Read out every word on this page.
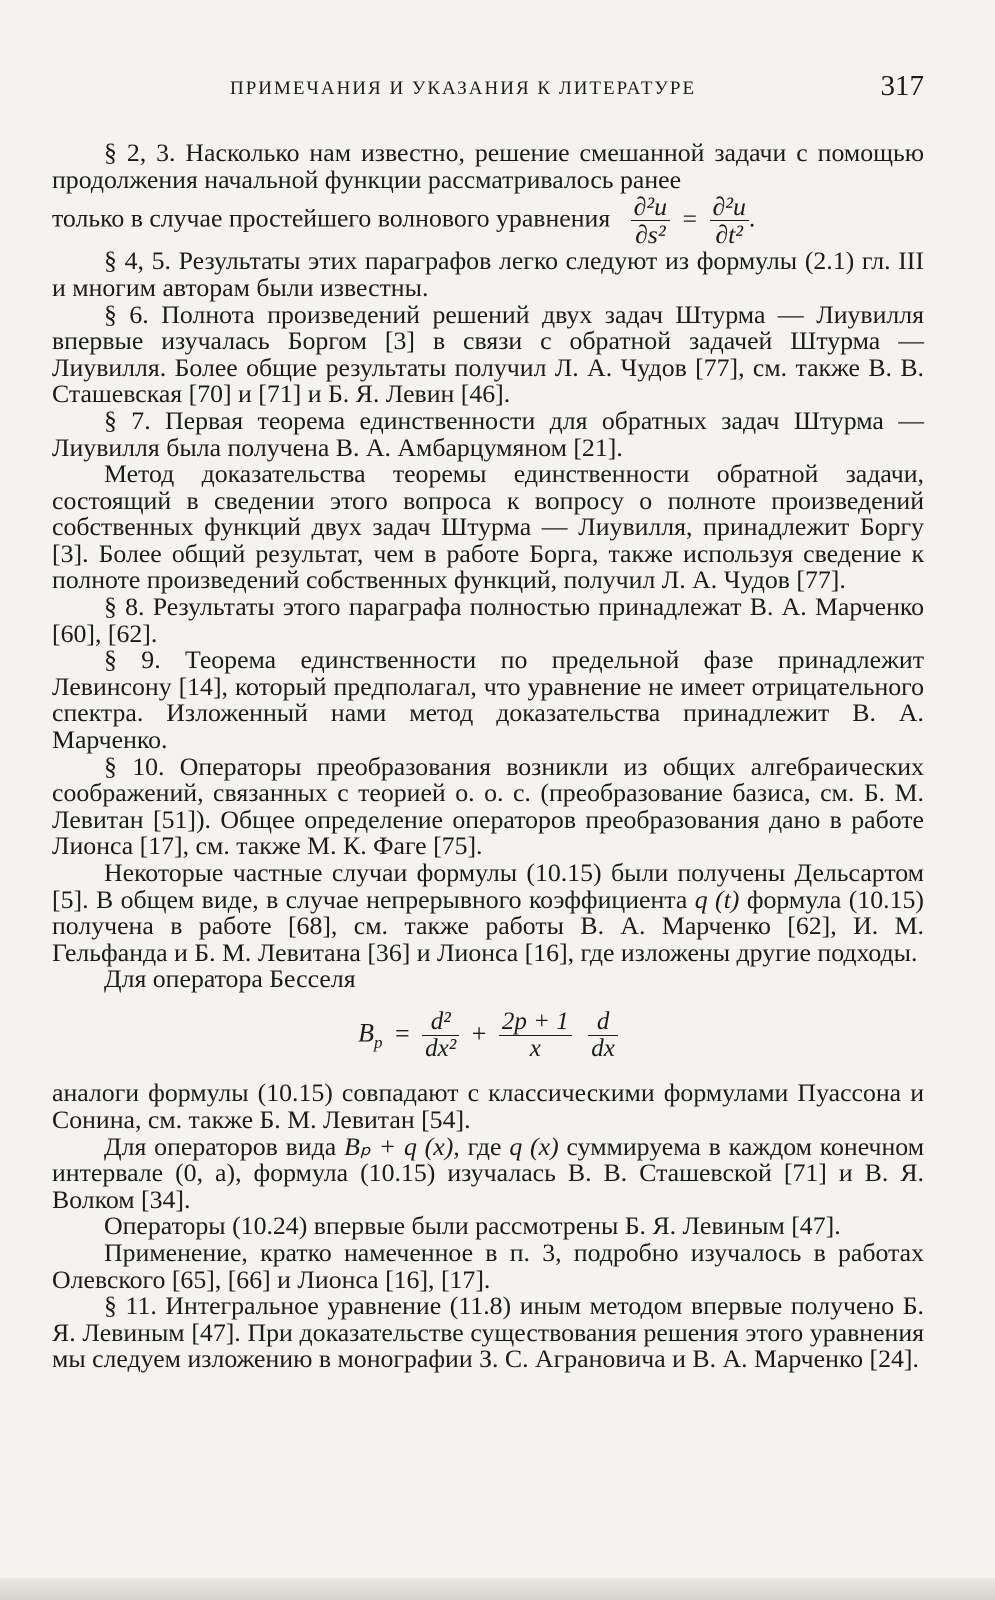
ПРИМЕЧАНИЯ И УКАЗАНИЯ К ЛИТЕРАТУРЕ	317

§ 2, 3. Насколько нам известно, решение смешанной задачи с помощью продолжения начальной функции рассматривалось ранее

только в случае простейшего волнового уравнения $\frac{\text{∂²u}}{\text{∂s²}} = \frac{\text{∂²u}}{\text{∂t²}}$ .

§ 4, 5. Результаты этих параграфов легко следуют из формулы (2.1) гл. III и многим авторам были известны.

§ 6. Полнота произведений решений двух задач Штурма — Лиувилля впервые изучалась Боргом [3] в связи с обратной задачей Штурма — Лиувилля. Более общие результаты получил Л. А. Чудов [77], см. также В. В. Сташевская [70] и [71] и Б. Я. Левин [46].

§ 7. Первая теорема единственности для обратных задач Штурма — Лиувилля была получена В. А. Амбарцумяном [21].

Метод доказательства теоремы единственности обратной задачи, состоящий в сведении этого вопроса к вопросу о полноте произведений собственных функций двух задач Штурма — Лиувилля, принадлежит Боргу [3]. Более общий результат, чем в работе Борга, также используя сведение к полноте произведений собственных функций, получил Л. А. Чудов [77].

§ 8. Результаты этого параграфа полностью принадлежат В. А. Марченко [60], [62].

§ 9. Теорема единственности по предельной фазе принадлежит Левинсону [14], который предполагал, что уравнение не имеет отрицательного спектра. Изложенный нами метод доказательства принадлежит В. А. Марченко.

§ 10. Операторы преобразования возникли из общих алгебраических соображений, связанных с теорией о. о. с. (преобразование базиса, см. Б. М. Левитан [51]). Общее определение операторов преобразования дано в работе Лионса [17], см. также М. К. Фаге [75].

Некоторые частные случаи формулы (10.15) были получены Дельсартом [5]. В общем виде, в случае непрерывного коэффициента q (t) формула (10.15) получена в работе [68], см. также работы В. А. Марченко [62], И. М. Гельфанда и Б. М. Левитана [36] и Лионса [16], где изложены другие подходы.

Для оператора Бесселя

$B_p = \frac{\text{d²}}{\text{dx²}} + \frac{2p + 1}{x}$
$\frac{d}{dx}$

аналоги формулы (10.15) совпадают с классическими формулами Пуассона и Сонина, см. также Б. М. Левитан [54].

Для операторов вида Bₚ + q (x), где q (x) суммируема в каждом конечном интервале (0, a), формула (10.15) изучалась В. В. Сташевской [71] и В. Я. Волком [34].

Операторы (10.24) впервые были рассмотрены Б. Я. Левиным [47].

Применение, кратко намеченное в п. 3, подробно изучалось в работах Олевского [65], [66] и Лионса [16], [17].

§ 11. Интегральное уравнение (11.8) иным методом впервые получено Б. Я. Левиным [47]. При доказательстве существования решения этого уравнения мы следуем изложению в монографии З. С. Аграновича и В. А. Марченко [24].
